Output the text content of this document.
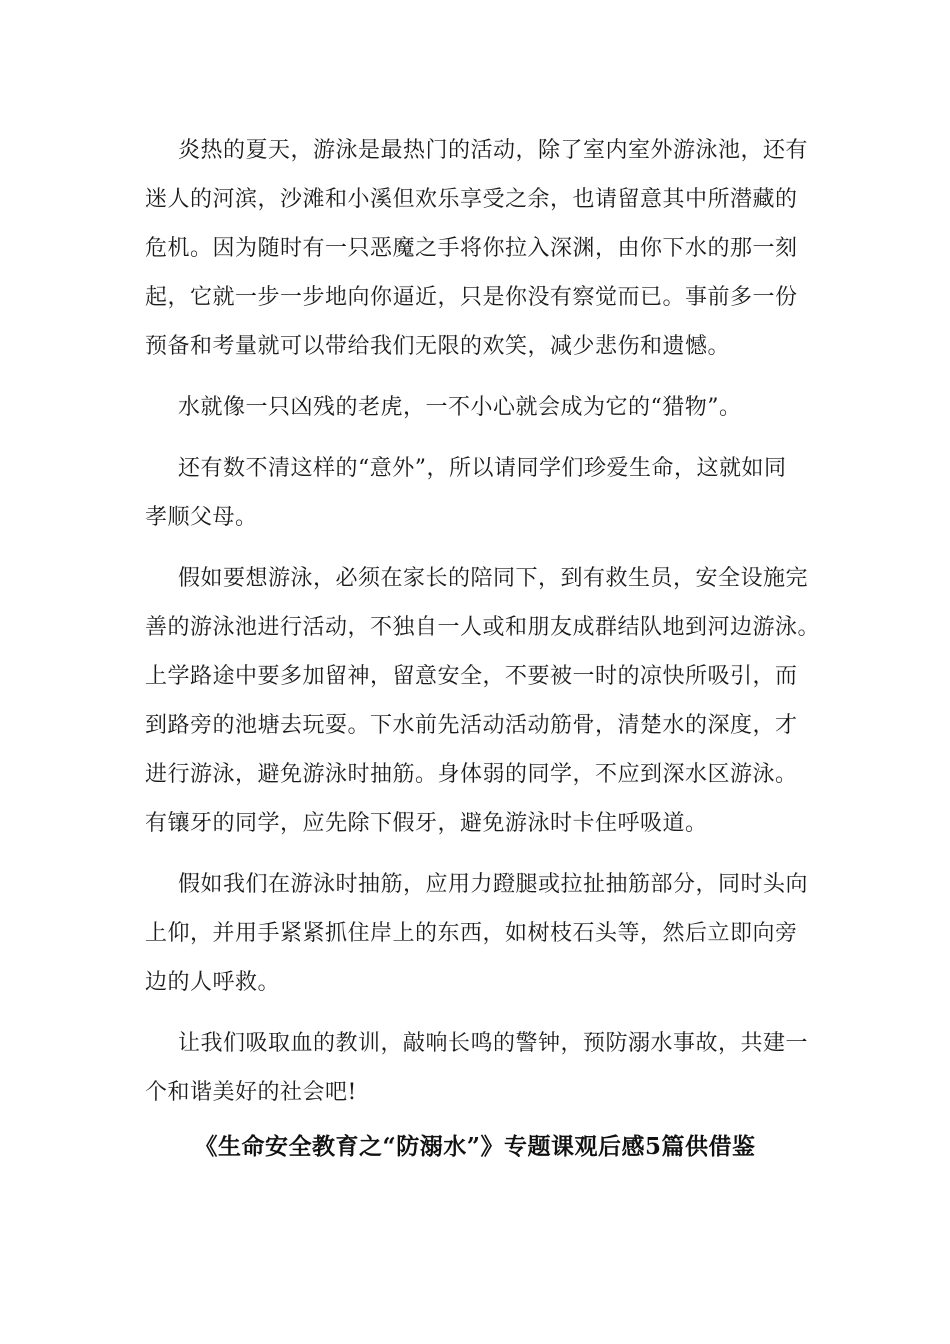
炎热的夏天，游泳是最热门的活动，除了室内室外游泳池，还有
迷人的河滨，沙滩和小溪但欢乐享受之余，也请留意其中所潜藏的
危机。因为随时有一只恶魔之手将你拉入深渊，由你下水的那一刻
起，它就一步一步地向你逼近，只是你没有察觉而已。事前多一份
预备和考量就可以带给我们无限的欢笑，减少悲伤和遗憾。
水就像一只凶残的老虎，一不小心就会成为它的“猎物”。
还有数不清这样的“意外”，所以请同学们珍爱生命，这就如同
孝顺父母。
假如要想游泳，必须在家长的陪同下，到有救生员，安全设施完
善的游泳池进行活动，不独自一人或和朋友成群结队地到河边游泳。
上学路途中要多加留神，留意安全，不要被一时的凉快所吸引，而
到路旁的池塘去玩耍。下水前先活动活动筋骨，清楚水的深度，才
进行游泳，避免游泳时抽筋。身体弱的同学，不应到深水区游泳。
有镶牙的同学，应先除下假牙，避免游泳时卡住呼吸道。
假如我们在游泳时抽筋，应用力蹬腿或拉扯抽筋部分，同时头向
上仰，并用手紧紧抓住岸上的东西，如树枝石头等，然后立即向旁
边的人呼救。
让我们吸取血的教训，敲响长鸣的警钟，预防溺水事故，共建一
个和谐美好的社会吧!
《生命安全教育之“防溺水”》专题课观后感5篇供借鉴
